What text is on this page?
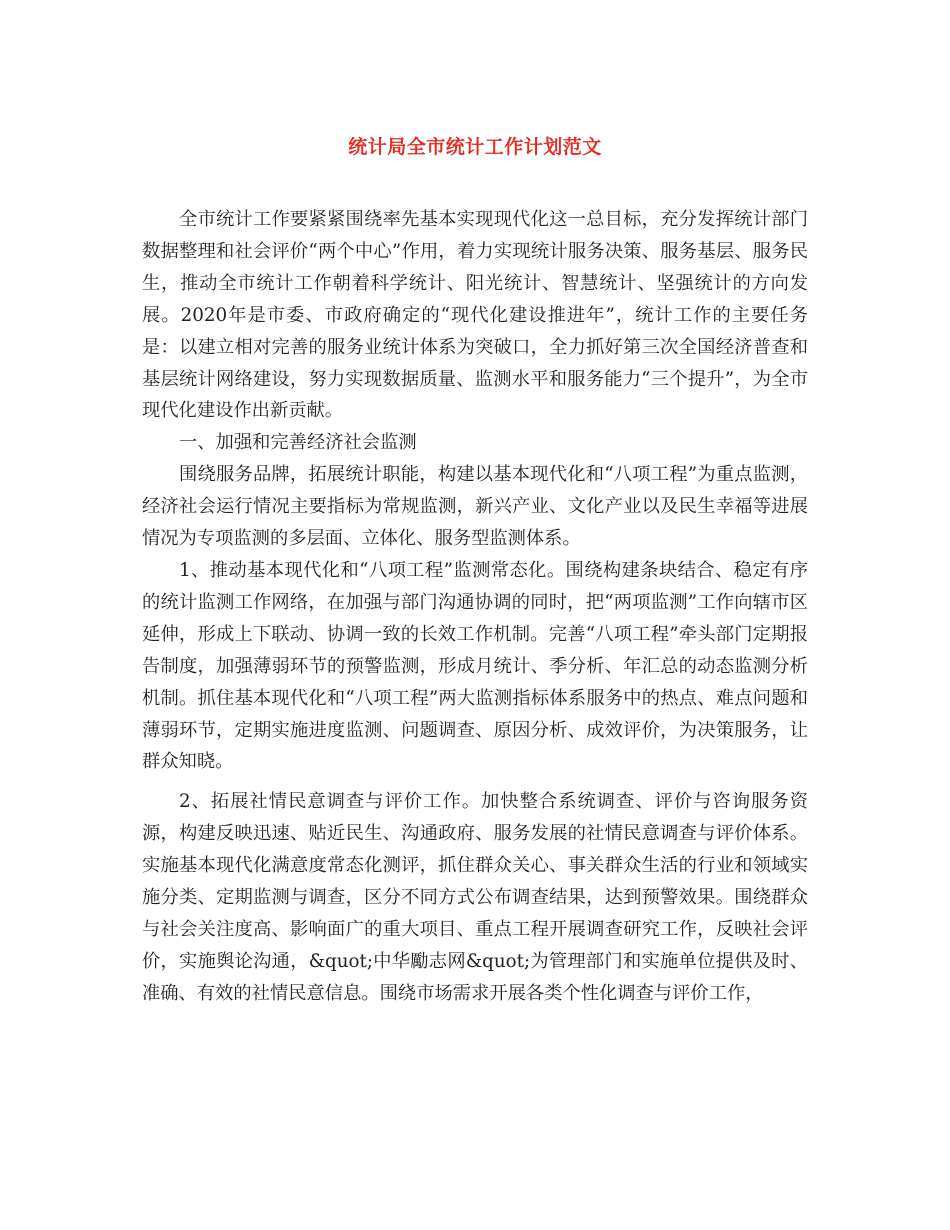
统计局全市统计工作计划范文

全市统计工作要紧紧围绕率先基本实现现代化这一总目标，充分发挥统计部门数据整理和社会评价“两个中心”作用，着力实现统计服务决策、服务基层、服务民生，推动全市统计工作朝着科学统计、阳光统计、智慧统计、坚强统计的方向发展。2020年是市委、市政府确定的“现代化建设推进年”，统计工作的主要任务是：以建立相对完善的服务业统计体系为突破口，全力抓好第三次全国经济普查和基层统计网络建设，努力实现数据质量、监测水平和服务能力“三个提升”，为全市现代化建设作出新贡献。

一、加强和完善经济社会监测

围绕服务品牌，拓展统计职能，构建以基本现代化和“八项工程”为重点监测，经济社会运行情况主要指标为常规监测，新兴产业、文化产业以及民生幸福等进展情况为专项监测的多层面、立体化、服务型监测体系。

1、推动基本现代化和“八项工程”监测常态化。围绕构建条块结合、稳定有序的统计监测工作网络，在加强与部门沟通协调的同时，把“两项监测”工作向辖市区延伸，形成上下联动、协调一致的长效工作机制。完善“八项工程”牵头部门定期报告制度，加强薄弱环节的预警监测，形成月统计、季分析、年汇总的动态监测分析机制。抓住基本现代化和“八项工程”两大监测指标体系服务中的热点、难点问题和薄弱环节，定期实施进度监测、问题调查、原因分析、成效评价，为决策服务，让群众知晓。

2、拓展社情民意调查与评价工作。加快整合系统调查、评价与咨询服务资源，构建反映迅速、贴近民生、沟通政府、服务发展的社情民意调查与评价体系。实施基本现代化满意度常态化测评，抓住群众关心、事关群众生活的行业和领域实施分类、定期监测与调查，区分不同方式公布调查结果，达到预警效果。围绕群众与社会关注度高、影响面广的重大项目、重点工程开展调查研究工作，反映社会评价，实施舆论沟通，&quot;中华勵志网&quot;为管理部门和实施单位提供及时、准确、有效的社情民意信息。围绕市场需求开展各类个性化调查与评价工作，
